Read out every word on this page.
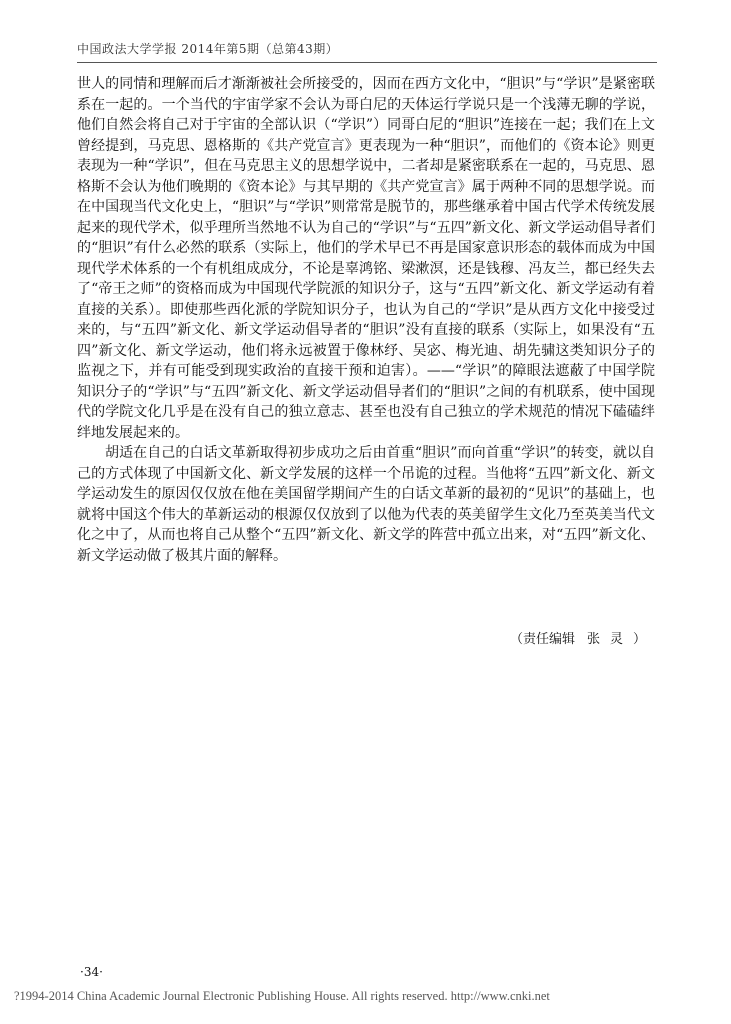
中国政法大学学报 2014年第5期（总第43期）

世人的同情和理解而后才渐渐被社会所接受的，因而在西方文化中，“胆识”与“学识”是紧密联系在一起的。一个当代的宇宙学家不会认为哥白尼的天体运行学说只是一个浅薄无聊的学说，他们自然会将自己对于宇宙的全部认识（“学识”）同哥白尼的“胆识”连接在一起；我们在上文曾经提到，马克思、恩格斯的《共产党宣言》更表现为一种“胆识”，而他们的《资本论》则更表现为一种“学识”，但在马克思主义的思想学说中，二者却是紧密联系在一起的，马克思、恩格斯不会认为他们晚期的《资本论》与其早期的《共产党宣言》属于两种不同的思想学说。而在中国现当代文化史上，“胆识”与“学识”则常常是脱节的，那些继承着中国古代学术传统发展起来的现代学术，似乎理所当然地不认为自己的“学识”与“五四”新文化、新文学运动倡导者们的“胆识”有什么必然的联系（实际上，他们的学术早已不再是国家意识形态的载体而成为中国现代学术体系的一个有机组成成分，不论是辜鸿铭、梁漱溟，还是钱穆、冯友兰，都已经失去了“帝王之师”的资格而成为中国现代学院派的知识分子，这与“五四”新文化、新文学运动有着直接的关系）。即使那些西化派的学院知识分子，也认为自己的“学识”是从西方文化中接受过来的，与“五四”新文化、新文学运动倡导者的“胆识”没有直接的联系（实际上，如果没有“五四”新文化、新文学运动，他们将永远被置于像林纾、吴宓、梅光迪、胡先骕这类知识分子的监视之下，并有可能受到现实政治的直接干预和迫害）。——“学识”的障眼法遮蔽了中国学院知识分子的“学识”与“五四”新文化、新文学运动倡导者们的“胆识”之间的有机联系，使中国现代的学院文化几乎是在没有自己的独立意志、甚至也没有自己独立的学术规范的情况下磕磕绊绊地发展起来的。

胡适在自己的白话文革新取得初步成功之后由首重“胆识”而向首重“学识”的转变，就以自己的方式体现了中国新文化、新文学发展的这样一个吊诡的过程。当他将“五四”新文化、新文学运动发生的原因仅仅放在他在美国留学期间产生的白话文革新的最初的“见识”的基础上，也就将中国这个伟大的革新运动的根源仅仅放到了以他为代表的英美留学生文化乃至英美当代文化之中了，从而也将自己从整个“五四”新文化、新文学的阵营中孤立出来，对“五四”新文化、新文学运动做了极其片面的解释。

（责任编辑 张灵）
·34·
?1994-2014 China Academic Journal Electronic Publishing House. All rights reserved. http://www.cnki.net
